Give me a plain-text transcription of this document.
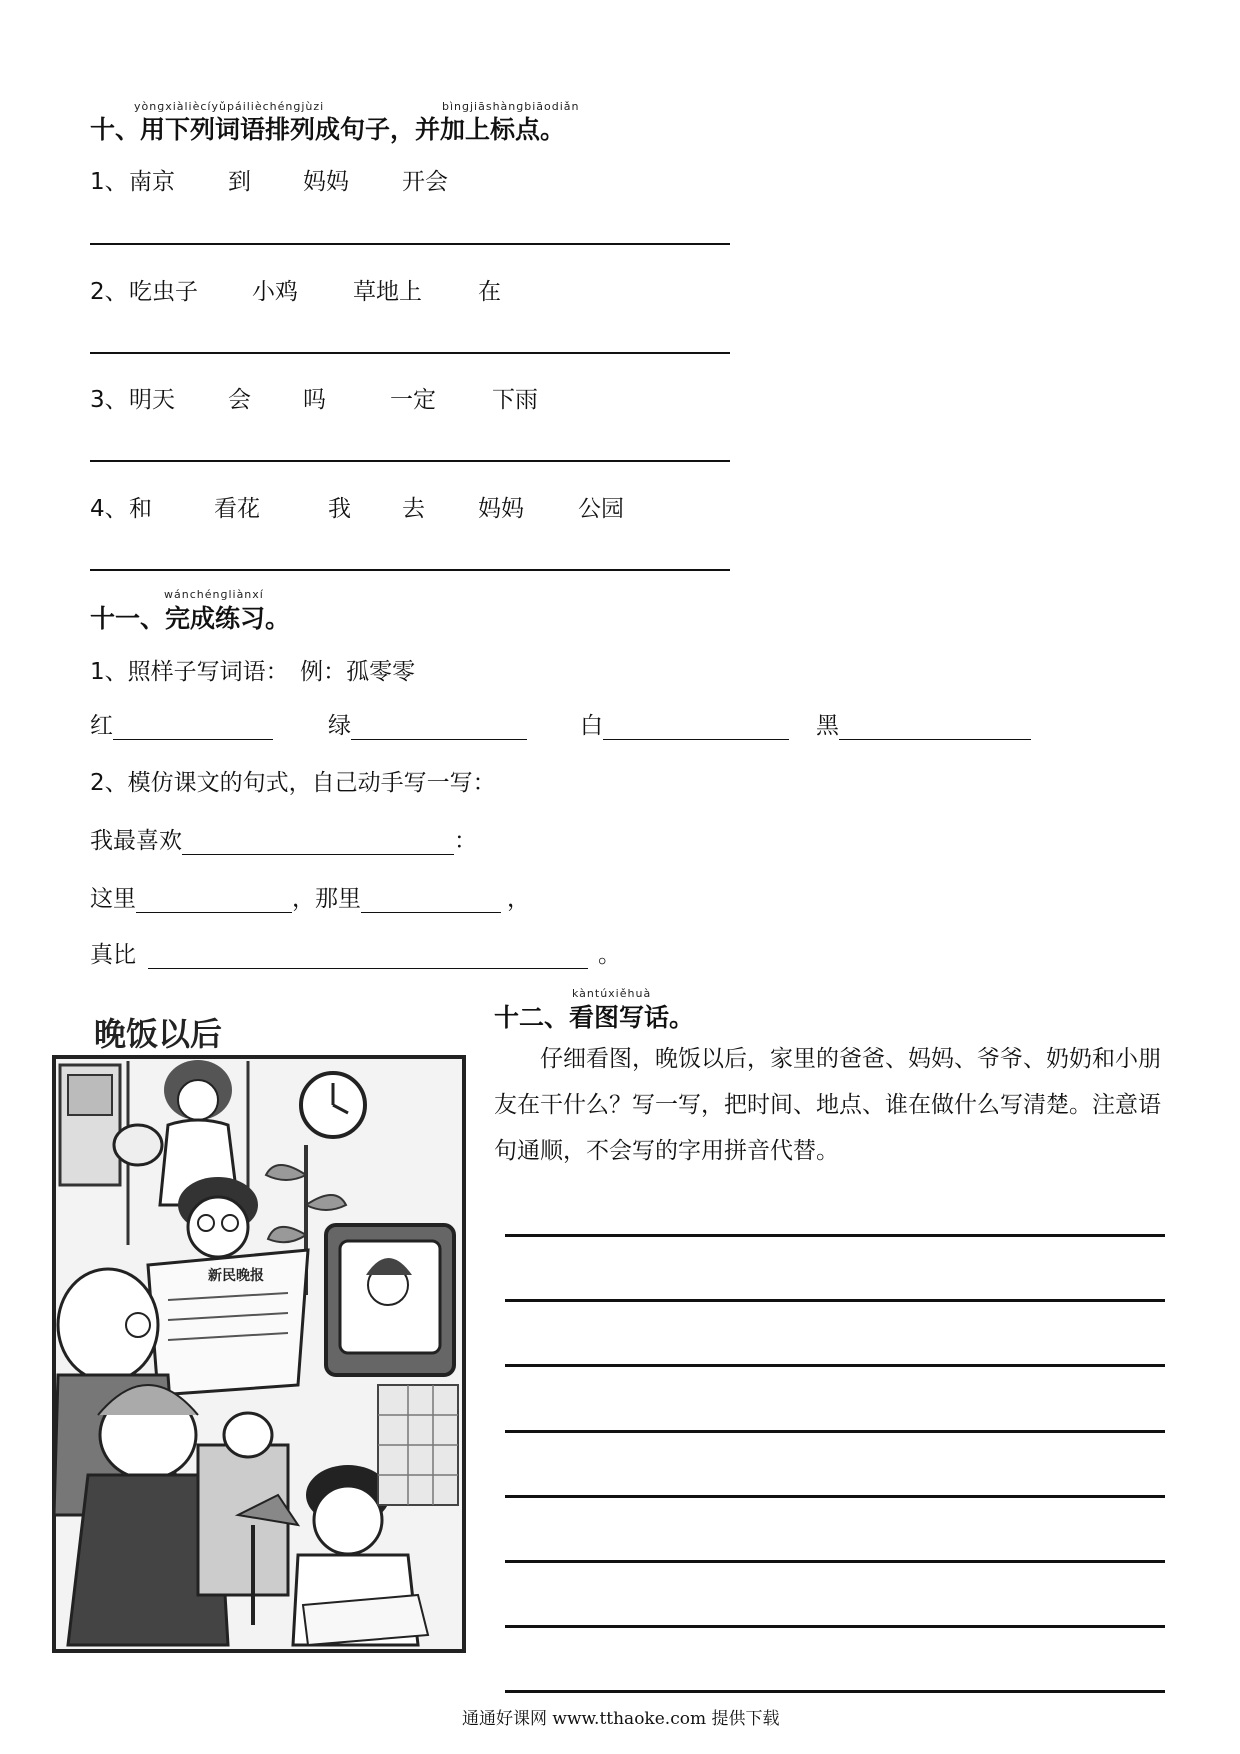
yònɡxiàliècíyǔpáilièchénɡjùzi	bìnɡjiāshànɡbiāodiǎn
十、用下列词语排列成句子，并加上标点。
1、 南京 到 妈妈 开会
2、 吃虫子 小鸡 草地上 在
3、 明天 会 吗	一定 下雨
4、 和	看花	我 去 妈妈 公园
wánchénɡliànxí
十一、完成练习。
1、照样子写词语：　例：孤零零
红	绿	白	黑
2、模仿课文的句式，自己动手写一写：
我最喜欢	：
这里	，那里	，
真比	。
晚饭以后
新民晚报
kàntúxiěhuà
十二、看图写话。
仔细看图，晚饭以后，家里的爸爸、妈妈、爷爷、奶奶和小朋友在干什么？写一写，把时间、地点、谁在做什么写清楚。注意语句通顺，不会写的字用拼音代替。
通通好课网 www.tthaoke.com 提供下载
